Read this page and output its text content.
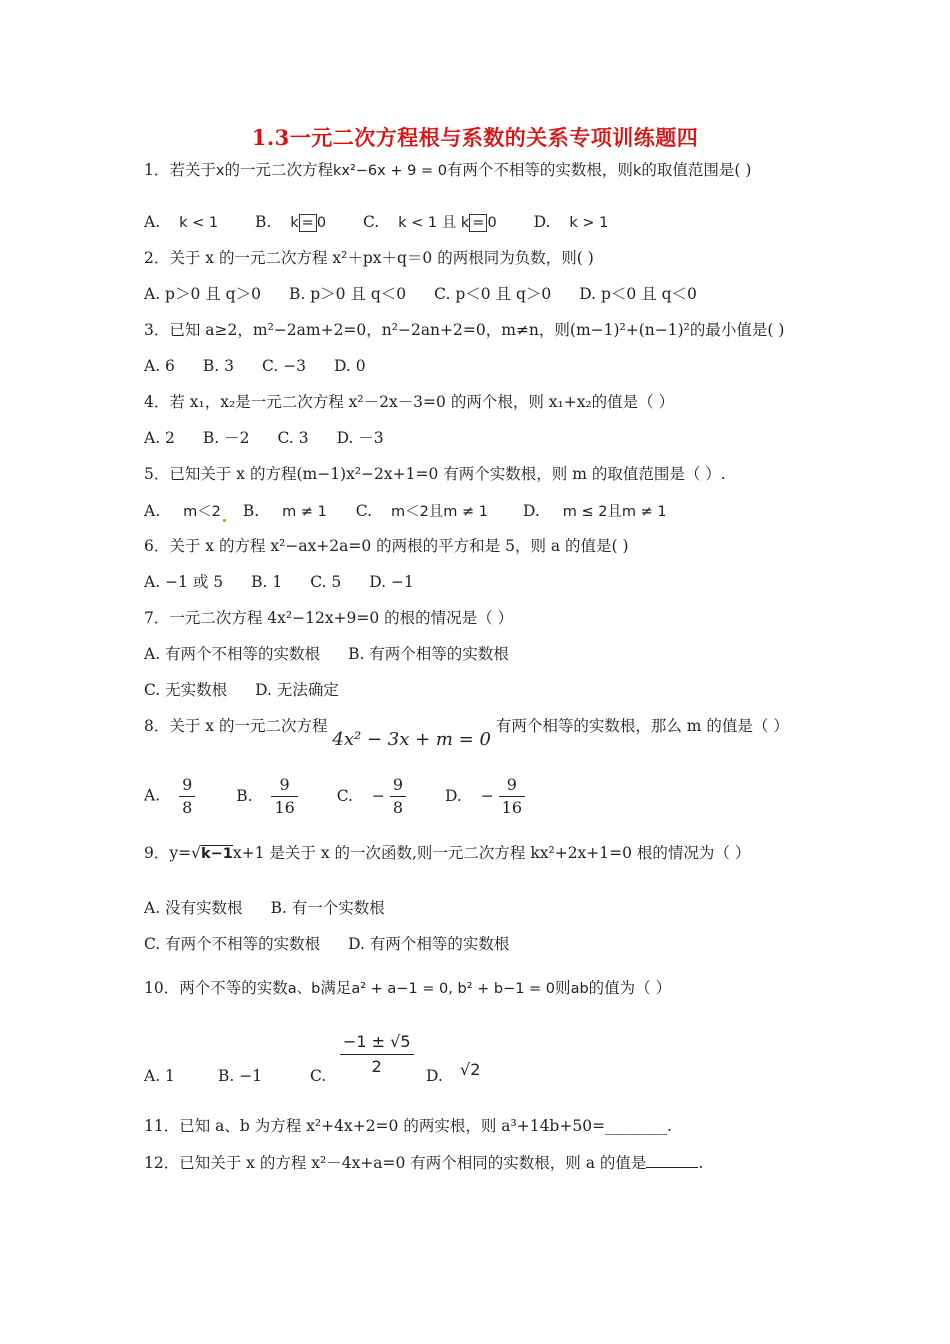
1.3一元二次方程根与系数的关系专项训练题四
1．若关于x的一元二次方程kx²−6x + 9 = 0有两个不相等的实数根，则k的取值范围是( )
A. k < 1 B. k = 0 C. k < 1 且 k = 0 D. k > 1
2．关于 x 的一元二次方程 x²＋px＋q＝0 的两根同为负数，则( )
A. p＞0 且 q＞0 B. p＞0 且 q＜0 C. p＜0 且 q＞0 D. p＜0 且 q＜0
3．已知 a≥2，m²−2am+2=0，n²−2an+2=0，m≠n，则(m−1)²+(n−1)²的最小值是( )
A. 6 B. 3 C. −3 D. 0
4．若 x₁，x₂是一元二次方程 x²－2x－3=0 的两个根，则 x₁+x₂的值是（ ）
A. 2 B. －2 C. 3 D. －3
5．已知关于 x 的方程(m−1)x²−2x+1=0 有两个实数根，则 m 的取值范围是（ ）.
A. m＜2 B. m ≠ 1 C. m＜2且m ≠ 1 D. m ≤ 2且m ≠ 1
6．关于 x 的方程 x²−ax+2a=0 的两根的平方和是 5，则 a 的值是( )
A. −1 或 5 B. 1 C. 5 D. −1
7．一元二次方程 4x²−12x+9=0 的根的情况是（ ）
A. 有两个不相等的实数根 B. 有两个相等的实数根
C. 无实数根 D. 无法确定
8．关于 x 的一元二次方程 4x² − 3x + m = 0 有两个相等的实数根，那么 m 的值是（ ）
A. $\frac{9}{8}$	B. $\frac{9}{16}$	C. − $\frac{9}{8}$	D. − $\frac{9}{16}$
9．y=√k−1x+1 是关于 x 的一次函数,则一元二次方程 kx²+2x+1=0 根的情况为（ ）
A. 没有实数根 B. 有一个实数根
C. 有两个不相等的实数根 D. 有两个相等的实数根
10．两个不等的实数a、b满足a² + a−1 = 0, b² + b−1 = 0则ab的值为（ ）
A. 1	B. −1	C. $\frac{-1 \pm √5}{2} D$. √2
11．已知 a、b 为方程 x²+4x+2=0 的两实根，则 a³+14b+50=________.
12．已知关于 x 的方程 x²－4x+a=0 有两个相同的实数根，则 a 的值是	.
